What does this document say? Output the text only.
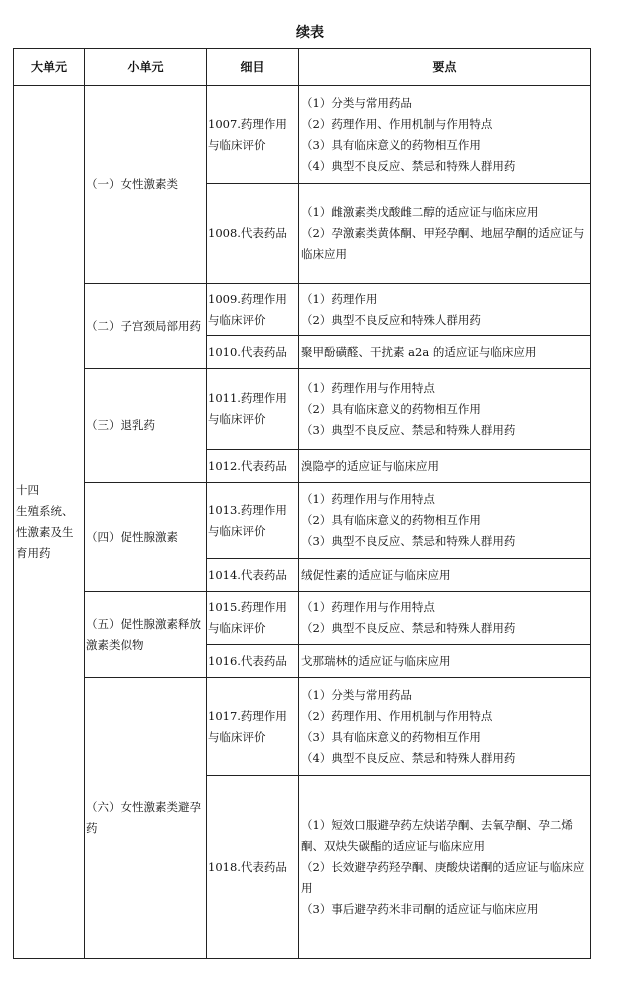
续表
大单元	小单元	细目	要点
十四
生殖系统、性激素及生育用药	（一）女性激素类	1007.药理作用与临床评价	（1）分类与常用药品
（2）药理作用、作用机制与作用特点
（3）具有临床意义的药物相互作用
（4）典型不良反应、禁忌和特殊人群用药

		1008.代表药品	（1）雌激素类戊酸雌二醇的适应证与临床应用
（2）孕激素类黄体酮、甲羟孕酮、地屈孕酮的适应证与临床应用

	（二）子宫颈局部用药	1009.药理作用与临床评价	（1）药理作用
（2）典型不良反应和特殊人群用药

		1010.代表药品	聚甲酚磺醛、干扰素 a2a 的适应证与临床应用

	（三）退乳药	1011.药理作用与临床评价	（1）药理作用与作用特点
（2）具有临床意义的药物相互作用
（3）典型不良反应、禁忌和特殊人群用药

		1012.代表药品	溴隐亭的适应证与临床应用

	（四）促性腺激素	1013.药理作用与临床评价	（1）药理作用与作用特点
（2）具有临床意义的药物相互作用
（3）典型不良反应、禁忌和特殊人群用药

		1014.代表药品	绒促性素的适应证与临床应用

	（五）促性腺激素释放激素类似物	1015.药理作用与临床评价	（1）药理作用与作用特点
（2）典型不良反应、禁忌和特殊人群用药

		1016.代表药品	戈那瑞林的适应证与临床应用

	（六）女性激素类避孕药	1017.药理作用与临床评价	（1）分类与常用药品
（2）药理作用、作用机制与作用特点
（3）具有临床意义的药物相互作用
（4）典型不良反应、禁忌和特殊人群用药

		1018.代表药品	（1）短效口服避孕药左炔诺孕酮、去氧孕酮、孕二烯酮、双炔失碳酯的适应证与临床应用
（2）长效避孕药羟孕酮、庚酸炔诺酮的适应证与临床应用
（3）事后避孕药米非司酮的适应证与临床应用
